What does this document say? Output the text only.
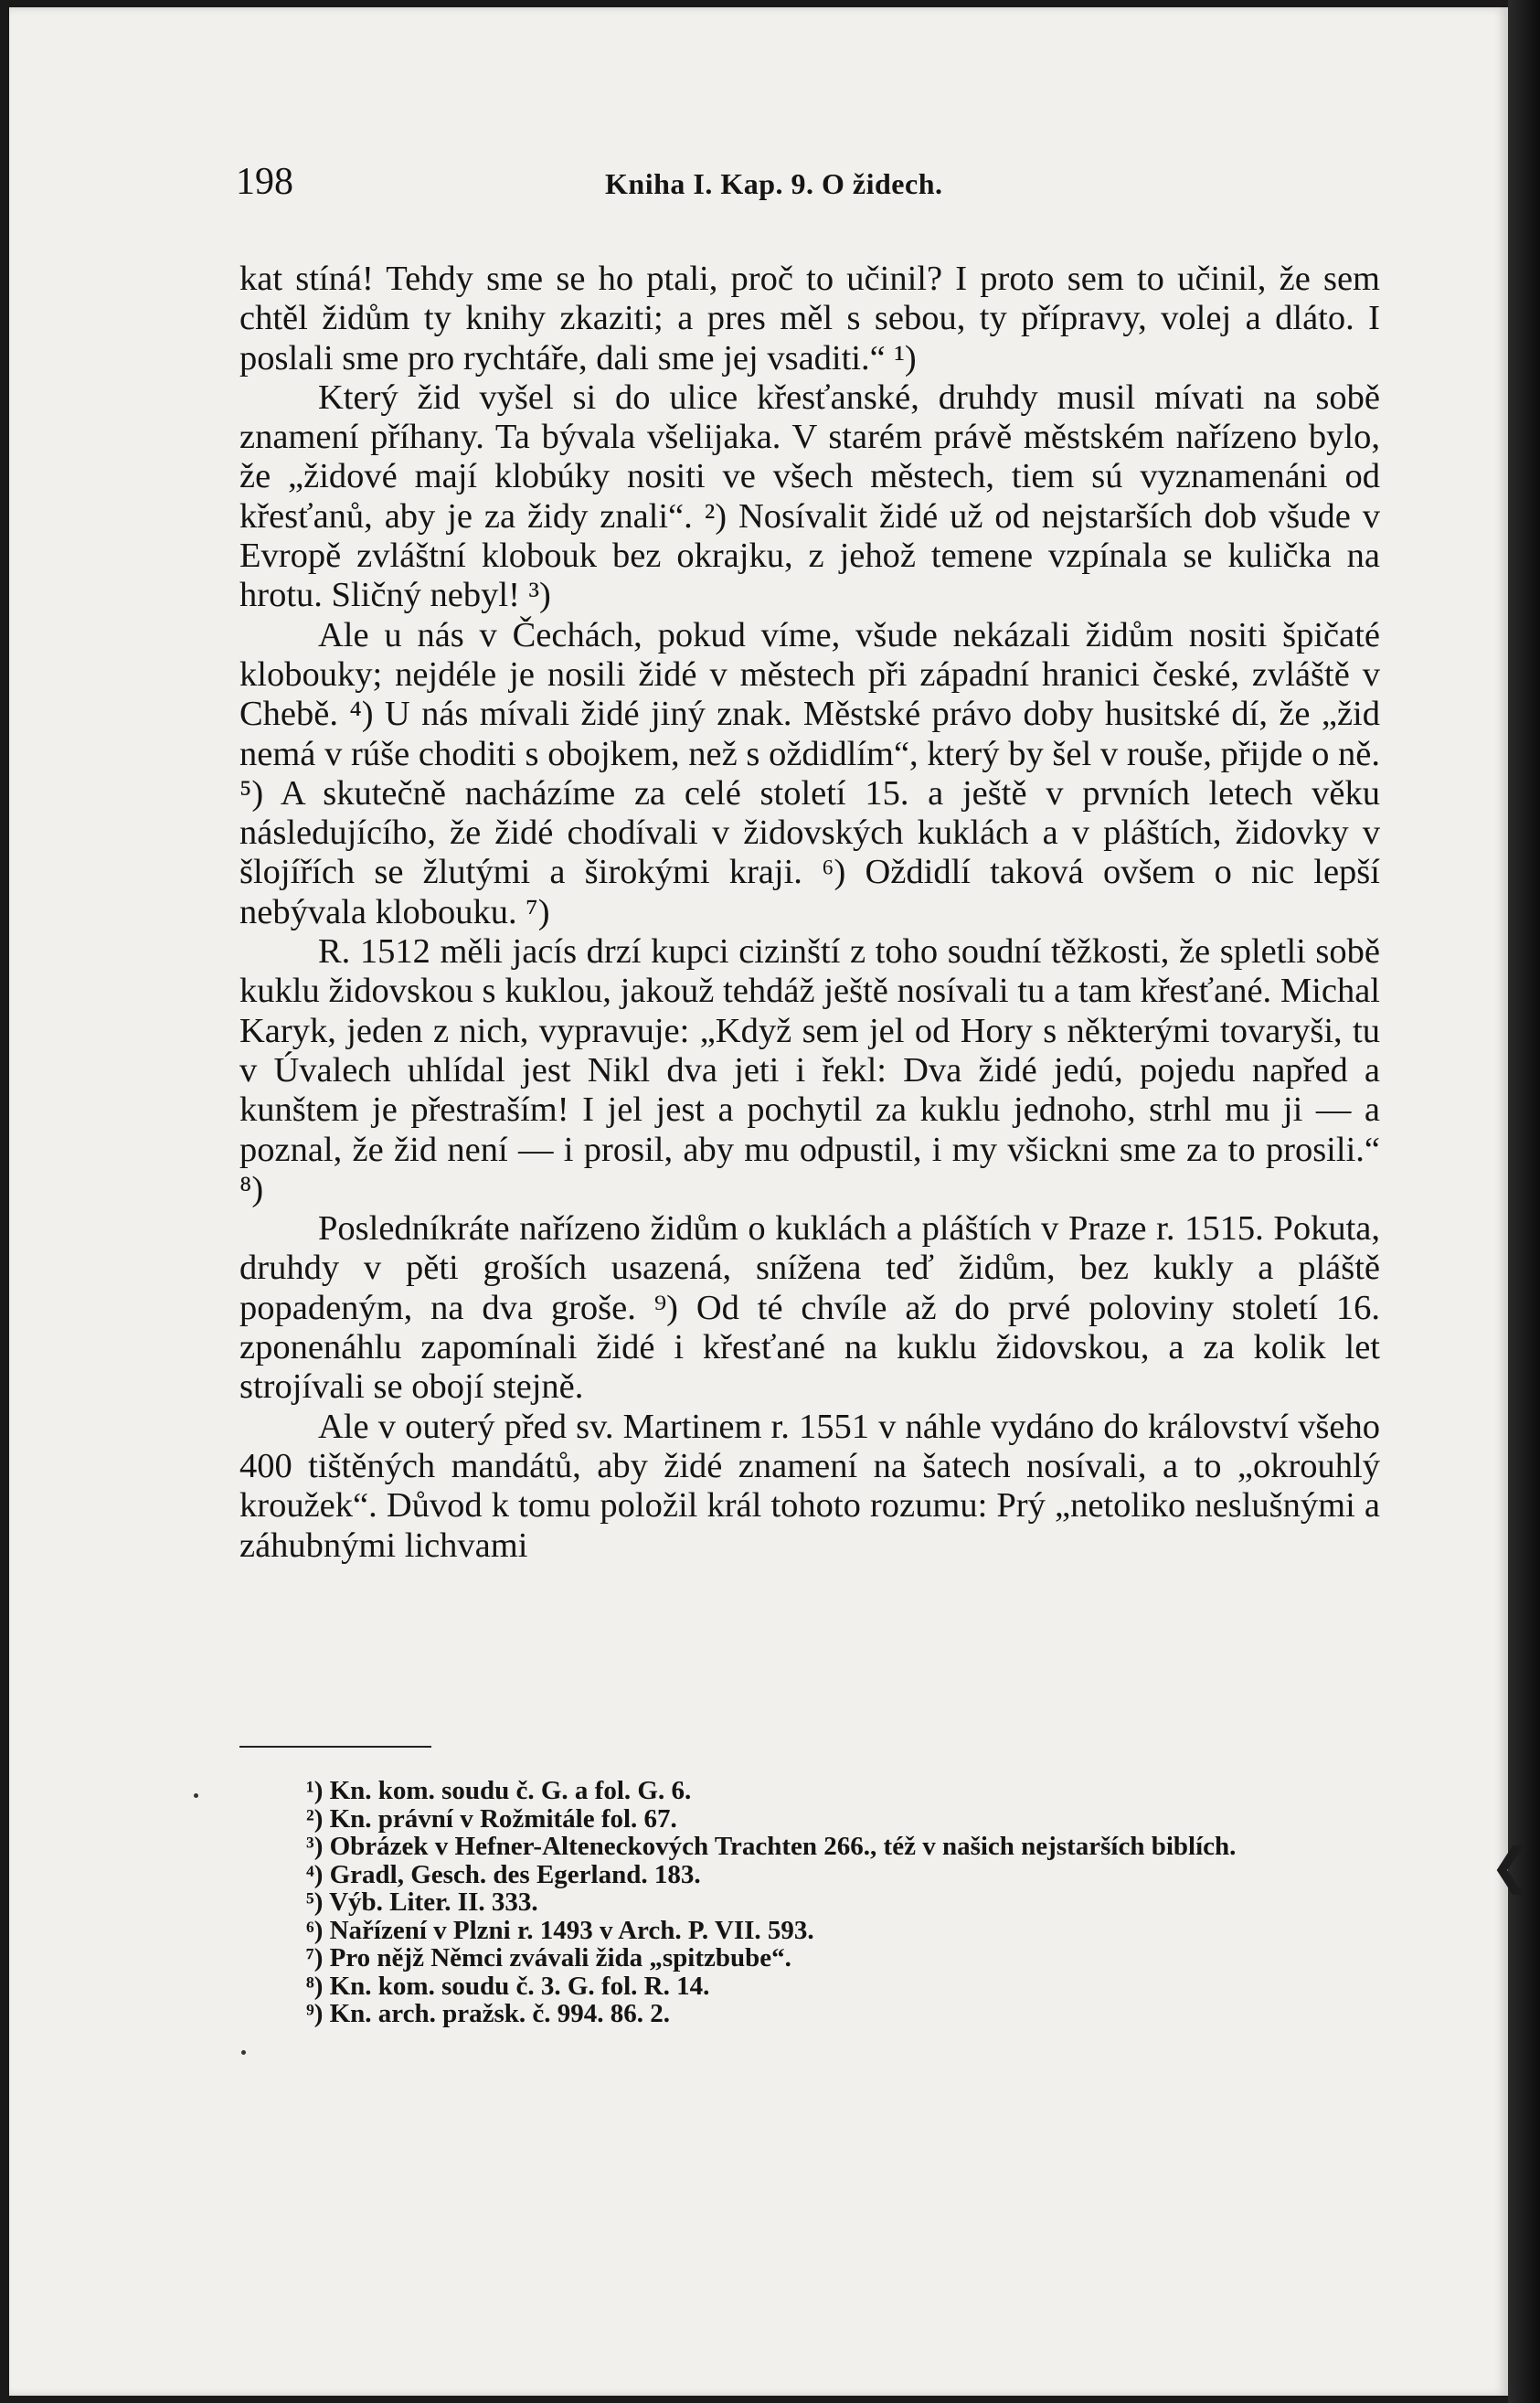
198	Kniha I. Kap. 9. O židech.

kat stíná! Tehdy sme se ho ptali, proč to učinil? I proto sem to učinil, že sem chtěl židům ty knihy zkaziti; a pres měl s sebou, ty přípravy, volej a dláto. I poslali sme pro rychtáře, dali sme jej vsaditi.“ ¹)

Který žid vyšel si do ulice křesťanské, druhdy musil mívati na sobě znamení příhany. Ta bývala všelijaka. V starém právě městském nařízeno bylo, že „židové mají klobúky nositi ve všech městech, tiem sú vyznamenáni od křesťanů, aby je za židy znali“. ²) Nosívalit židé už od nejstarších dob všude v Evropě zvláštní klobouk bez okrajku, z jehož temene vzpínala se kulička na hrotu. Sličný nebyl! ³)

Ale u nás v Čechách, pokud víme, všude nekázali židům nositi špičaté klobouky; nejdéle je nosili židé v městech při západní hranici české, zvláště v Chebě. ⁴) U nás mívali židé jiný znak. Městské právo doby husitské dí, že „žid nemá v rúše choditi s obojkem, než s oždidlím“, který by šel v rouše, přijde o ně. ⁵) A skutečně nacházíme za celé století 15. a ještě v prvních letech věku následujícího, že židé chodívali v židovských kuklách a v pláštích, židovky v šlojířích se žlutými a širokými kraji. ⁶) Oždidlí taková ovšem o nic lepší nebývala klobouku. ⁷)

R. 1512 měli jacís drzí kupci cizinští z toho soudní těžkosti, že spletli sobě kuklu židovskou s kuklou, jakouž tehdáž ještě nosívali tu a tam křesťané. Michal Karyk, jeden z nich, vypravuje: „Když sem jel od Hory s některými tovaryši, tu v Úvalech uhlídal jest Nikl dva jeti i řekl: Dva židé jedú, pojedu napřed a kunštem je přestraším! I jel jest a pochytil za kuklu jednoho, strhl mu ji — a poznal, že žid není — i prosil, aby mu odpustil, i my všickni sme za to prosili.“ ⁸)

Posledníkráte nařízeno židům o kuklách a pláštích v Praze r. 1515. Pokuta, druhdy v pěti groších usazená, snížena teď židům, bez kukly a pláště popadeným, na dva groše. ⁹) Od té chvíle až do prvé poloviny století 16. zponenáhlu zapomínali židé i křesťané na kuklu židovskou, a za kolik let strojívali se obojí stejně.

Ale v outerý před sv. Martinem r. 1551 v náhle vydáno do království všeho 400 tištěných mandátů, aby židé znamení na šatech nosívali, a to „okrouhlý kroužek“. Důvod k tomu položil král tohoto rozumu: Prý „netoliko neslušnými a záhubnými lichvami

¹) Kn. kom. soudu č. G. a fol. G. 6.

²) Kn. právní v Rožmitále fol. 67.

³) Obrázek v Hefner-Alteneckových Trachten 266., též v našich nejstarších biblích.

⁴) Gradl, Gesch. des Egerland. 183.

⁵) Výb. Liter. II. 333.

⁶) Nařízení v Plzni r. 1493 v Arch. P. VII. 593.

⁷) Pro nějž Němci zvávali žida „spitzbube“.

⁸) Kn. kom. soudu č. 3. G. fol. R. 14.

⁹) Kn. arch. pražsk. č. 994. 86. 2.

❮
